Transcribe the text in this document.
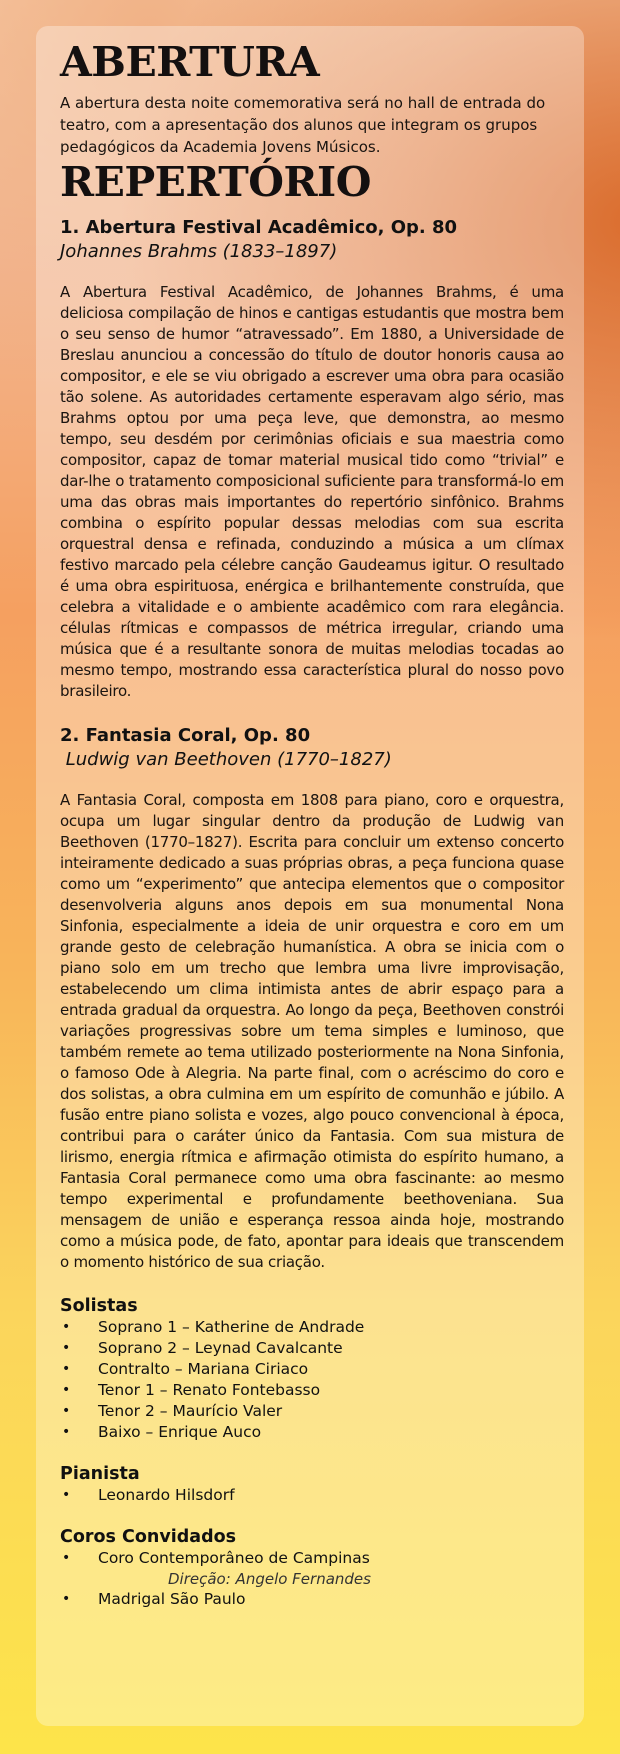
ABERTURA

A abertura desta noite comemorativa será no hall de entrada do teatro, com a apresentação dos alunos que integram os grupos pedagógicos da Academia Jovens Músicos.

REPERTÓRIO

1. Abertura Festival Acadêmico, Op. 80

Johannes Brahms (1833–1897)

A Abertura Festival Acadêmico, de Johannes Brahms, é uma deliciosa compilação de hinos e cantigas estudantis que mostra bem o seu senso de humor “atravessado”. Em 1880, a Universidade de Breslau anunciou a concessão do título de doutor honoris causa ao compositor, e ele se viu obrigado a escrever uma obra para ocasião tão solene. As autoridades certamente esperavam algo sério, mas Brahms optou por uma peça leve, que demonstra, ao mesmo tempo, seu desdém por cerimônias oficiais e sua maestria como compositor, capaz de tomar material musical tido como “trivial” e dar-lhe o tratamento composicional suficiente para transformá-lo em uma das obras mais importantes do repertório sinfônico. Brahms combina o espírito popular dessas melodias com sua escrita orquestral densa e refinada, conduzindo a música a um clímax festivo marcado pela célebre canção Gaudeamus igitur. O resultado é uma obra espirituosa, enérgica e brilhantemente construída, que celebra a vitalidade e o ambiente acadêmico com rara elegância. células rítmicas e compassos de métrica irregular, criando uma música que é a resultante sonora de muitas melodias tocadas ao mesmo tempo, mostrando essa característica plural do nosso povo brasileiro.

2. Fantasia Coral, Op. 80

Ludwig van Beethoven (1770–1827)

A Fantasia Coral, composta em 1808 para piano, coro e orquestra, ocupa um lugar singular dentro da produção de Ludwig van Beethoven (1770–1827). Escrita para concluir um extenso concerto inteiramente dedicado a suas próprias obras, a peça funciona quase como um “experimento” que antecipa elementos que o compositor desenvolveria alguns anos depois em sua monumental Nona Sinfonia, especialmente a ideia de unir orquestra e coro em um grande gesto de celebração humanística. A obra se inicia com o piano solo em um trecho que lembra uma livre improvisação, estabelecendo um clima intimista antes de abrir espaço para a entrada gradual da orquestra. Ao longo da peça, Beethoven constrói variações progressivas sobre um tema simples e luminoso, que também remete ao tema utilizado posteriormente na Nona Sinfonia, o famoso Ode à Alegria. Na parte final, com o acréscimo do coro e dos solistas, a obra culmina em um espírito de comunhão e júbilo. A fusão entre piano solista e vozes, algo pouco convencional à época, contribui para o caráter único da Fantasia. Com sua mistura de lirismo, energia rítmica e afirmação otimista do espírito humano, a Fantasia Coral permanece como uma obra fascinante: ao mesmo tempo experimental e profundamente beethoveniana. Sua mensagem de união e esperança ressoa ainda hoje, mostrando como a música pode, de fato, apontar para ideais que transcendem o momento histórico de sua criação.

Solistas

• Soprano 1 – Katherine de Andrade
• Soprano 2 – Leynad Cavalcante
• Contralto – Mariana Ciriaco
• Tenor 1 – Renato Fontebasso
• Tenor 2 – Maurício Valer
• Baixo – Enrique Auco

Pianista

• Leonardo Hilsdorf

Coros Convidados

• Coro Contemporâneo de Campinas
Direção: Angelo Fernandes
• Madrigal São Paulo
